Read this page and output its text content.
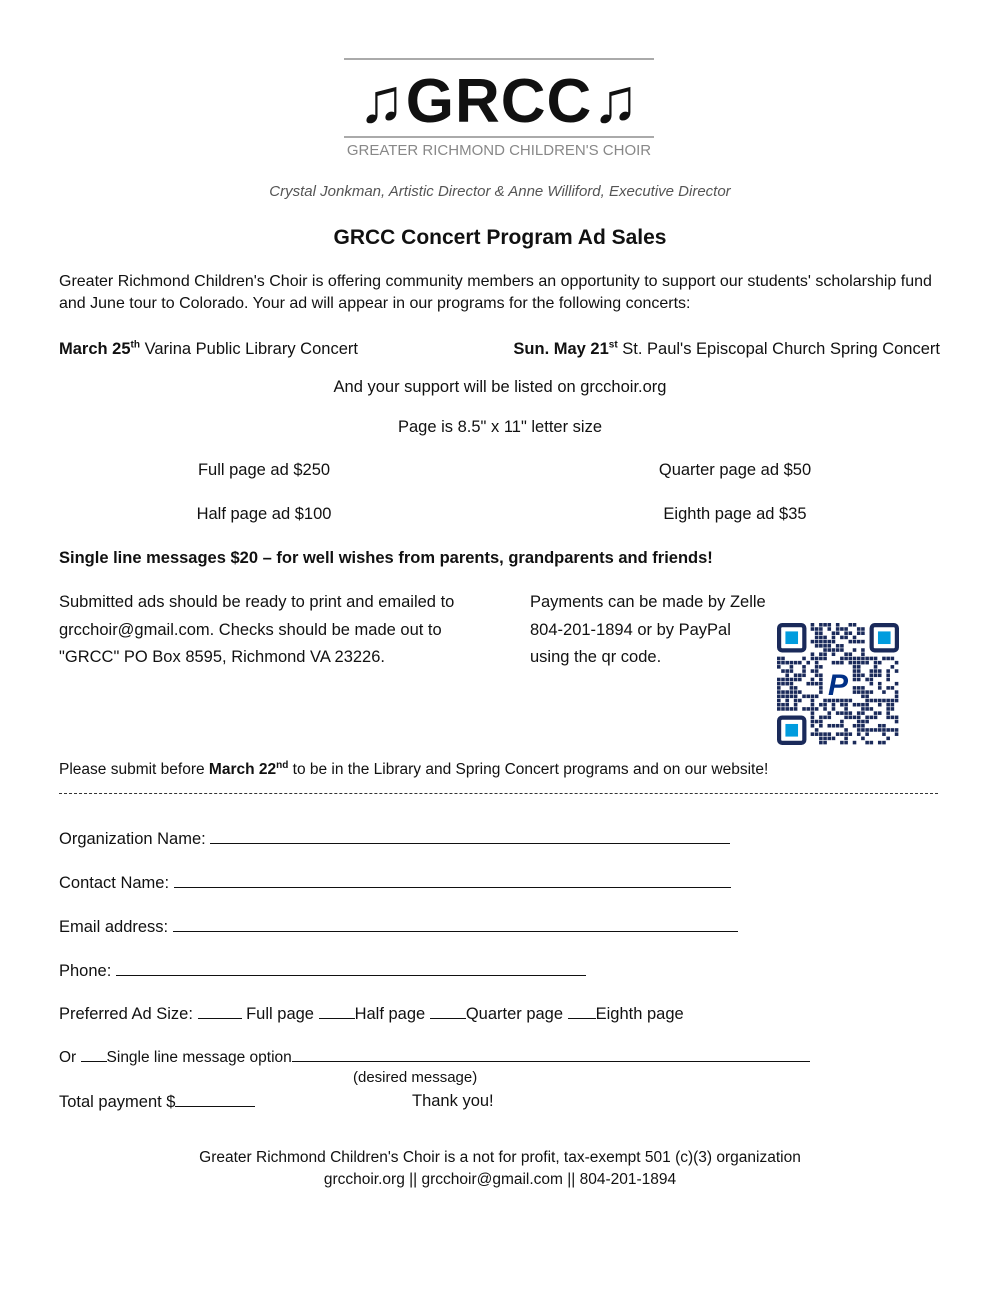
♫GRCC♫
GREATER RICHMOND CHILDREN'S CHOIR
Crystal Jonkman, Artistic Director & Anne Williford, Executive Director
GRCC Concert Program Ad Sales
Greater Richmond Children's Choir is offering community members an opportunity to support our students' scholarship fund and June tour to Colorado. Your ad will appear in our programs for the following concerts:
March 25th Varina Public Library Concert	Sun. May 21st St. Paul's Episcopal Church Spring Concert
And your support will be listed on grcchoir.org
Page is 8.5" x 11" letter size
Full page ad $250	Quarter page ad $50
Half page ad $100	Eighth page ad $35
Single line messages $20 – for well wishes from parents, grandparents and friends!
Submitted ads should be ready to print and emailed to grcchoir@gmail.com. Checks should be made out to "GRCC" PO Box 8595, Richmond VA 23226.
Payments can be made by Zelle 804-201-1894 or by PayPal using the qr code.
P
Please submit before March 22nd to be in the Library and Spring Concert programs and on our website!
Organization Name:
Contact Name:
Email address:
Phone:
Preferred Ad Size:	Full page Half page Quarter page Eighth page
Or Single line message option
(desired message)
Total payment $	Thank you!
Greater Richmond Children's Choir is a not for profit, tax-exempt 501 (c)(3) organization
grcchoir.org || grcchoir@gmail.com || 804-201-1894
